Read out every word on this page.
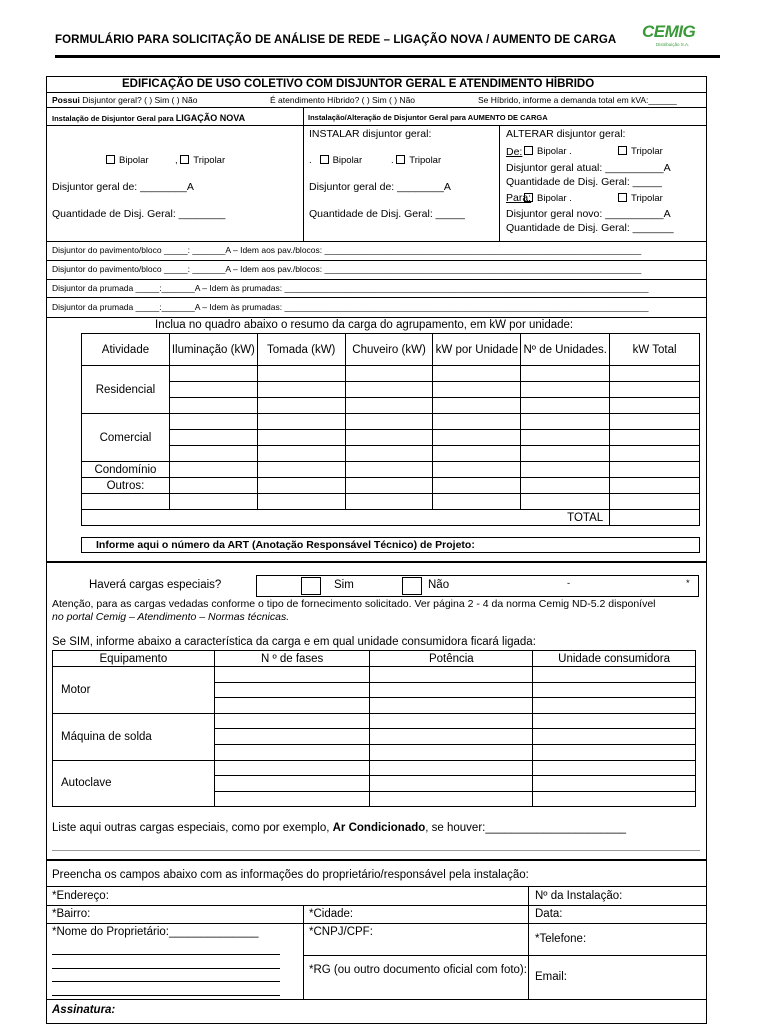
FORMULÁRIO PARA SOLICITAÇÃO DE ANÁLISE DE REDE – LIGAÇÃO NOVA / AUMENTO DE CARGA CEMIG
Distribuição S.A.
EDIFICAÇÃO DE USO COLETIVO COM DISJUNTOR GERAL E ATENDIMENTO HÍBRIDO
Possui Disjuntor geral? ( ) Sim ( ) Não	É atendimento Híbrido? ( ) Sim ( ) Não	Se Híbrido, informe a demanda total em kVA:______
Instalação de Disjuntor Geral para LIGAÇÃO NOVA	Instalação/Alteração de Disjuntor Geral para AUMENTO DE CARGA
Bipolar	, Tripolar
Disjuntor geral de: ________A
Quantidade de Disj. Geral: ________
INSTALAR disjuntor geral:
.   Bipolar	. Tripolar
Disjuntor geral de: ________A
Quantidade de Disj. Geral: _____
ALTERAR disjuntor geral:
De:	Bipolar .	Tripolar
Disjuntor geral atual: __________A
Quantidade de Disj. Geral: _____
Para: Bipolar .	Tripolar
Disjuntor geral novo: __________A
Quantidade de Disj. Geral: _______
Disjuntor do pavimento/bloco _____: _______A – Idem aos pav./blocos: ___________________________________________________________________
Disjuntor do pavimento/bloco _____: _______A – Idem aos pav./blocos: ___________________________________________________________________
Disjuntor da prumada _____:_______A – Idem às prumadas: _____________________________________________________________________________
Disjuntor da prumada _____:_______A – Idem às prumadas: _____________________________________________________________________________
Inclua no quadro abaixo o resumo da carga do agrupamento, em kW por unidade:
Atividade	Iluminação (kW)	Tomada (kW)	Chuveiro (kW)	kW por Unidade	Nº de Unidades.	kW Total
Residencial						

Comercial						

Condomínio						
Outros:						

TOTAL						
Informe aqui o número da ART (Anotação Responsável Técnico) de Projeto:
Haverá cargas especiais?	Sim	Não	-	*
Atenção, para as cargas vedadas conforme o tipo de fornecimento solicitado. Ver página 2 - 4 da norma Cemig ND-5.2 disponível
no portal Cemig – Atendimento – Normas técnicas.
Se SIM, informe abaixo a característica da carga e em qual unidade consumidora ficará ligada:
Equipamento	N º de fases	Potência	Unidade consumidora
Motor			

Máquina de solda			

Autoclave			

Liste aqui outras cargas especiais, como por exemplo, Ar Condicionado, se houver:______________________
Preencha os campos abaixo com as informações do proprietário/responsável pela instalação:
*Endereço:	Nº da Instalação:
*Bairro:	*Cidade:	Data:
*Nome do Proprietário:______________	*CNPJ/CPF:
*Telefone:
*RG (ou outro documento oficial com foto):
Email:
Assinatura:
